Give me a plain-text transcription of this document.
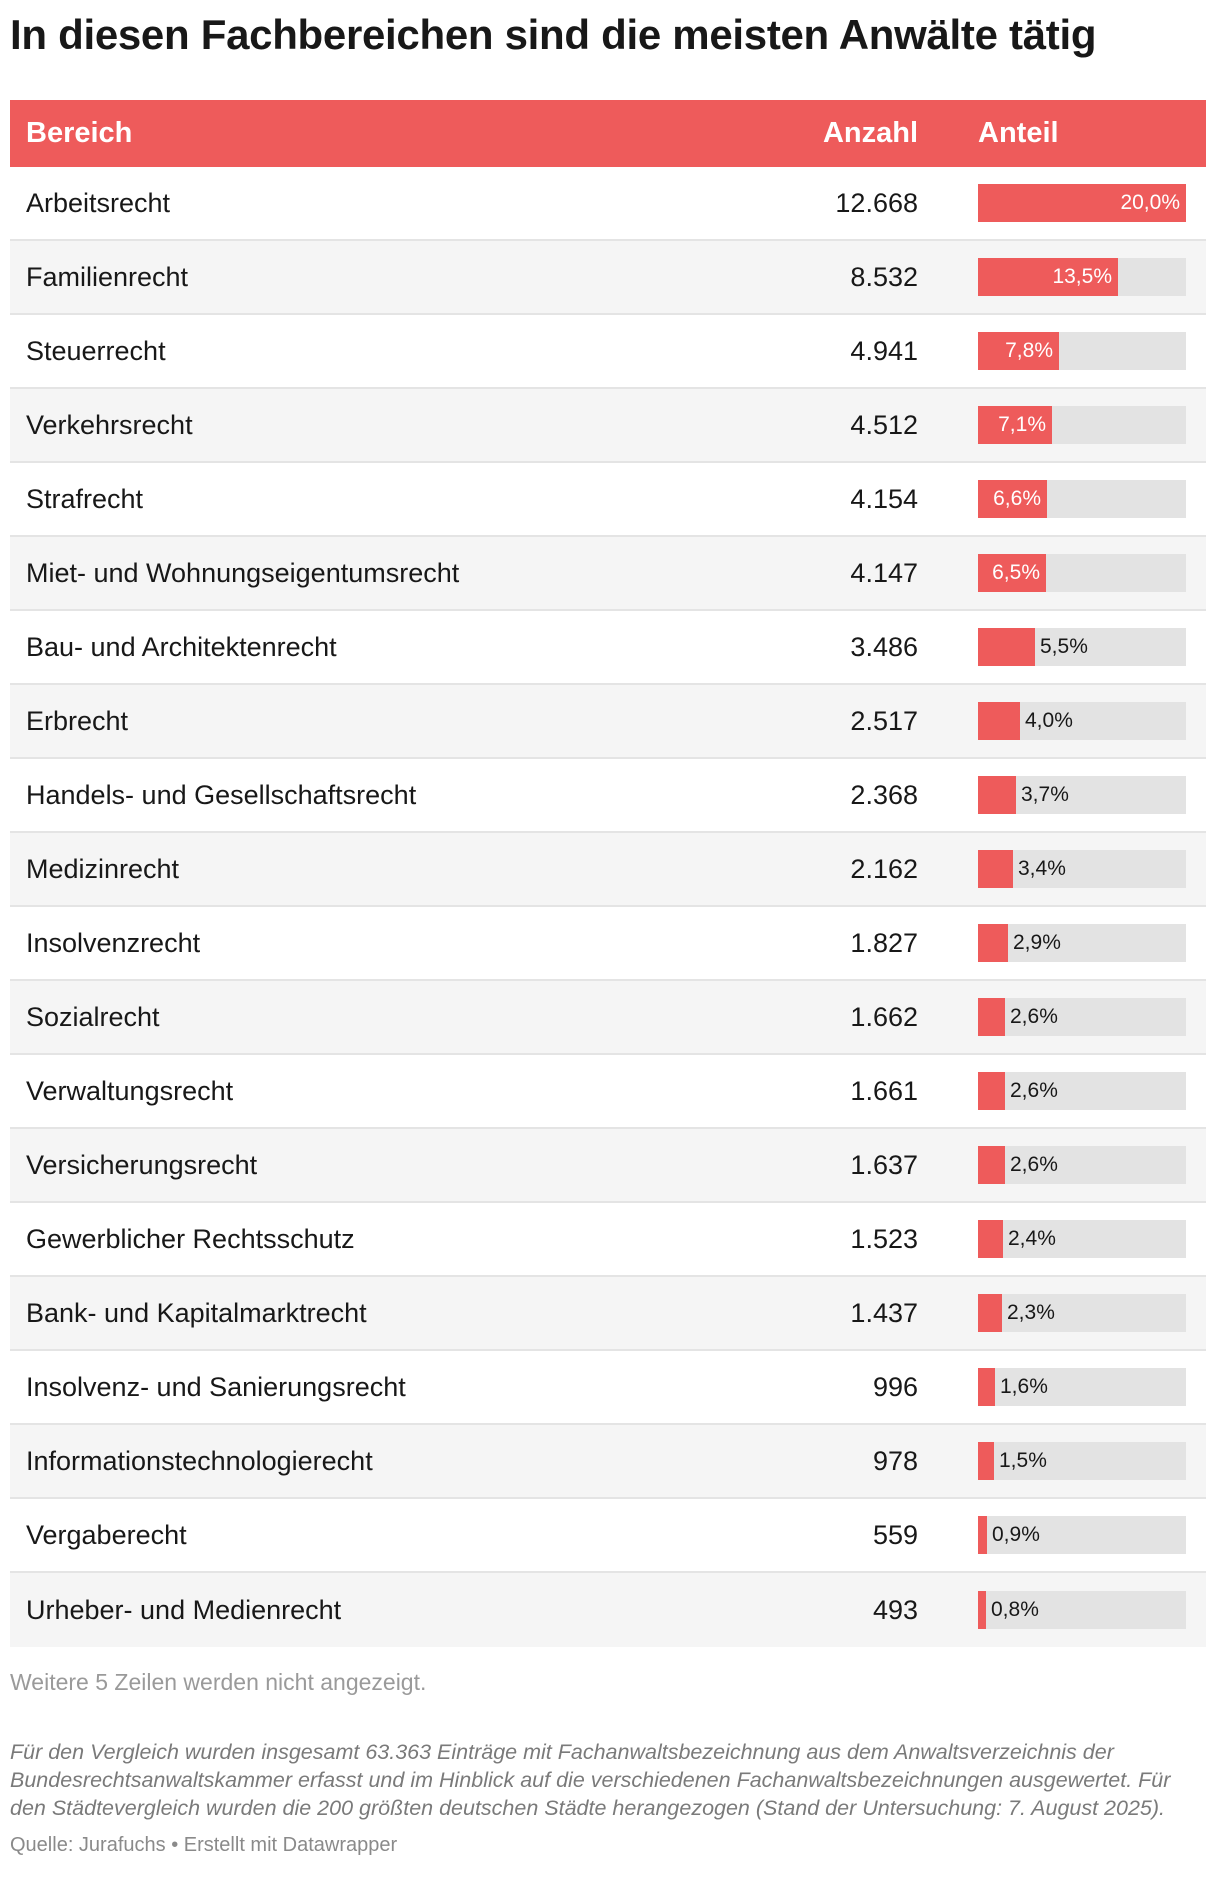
In diesen Fachbereichen sind die meisten Anwälte tätig
Bereich	Anzahl	Anteil
Arbeitsrecht	12.668	20,0%
Familienrecht	8.532	13,5%
Steuerrecht	4.941	7,8%
Verkehrsrecht	4.512	7,1%
Strafrecht	4.154	6,6%
Miet- und Wohnungseigentumsrecht	4.147	6,5%
Bau- und Architektenrecht	3.486	5,5%
Erbrecht	2.517	4,0%
Handels- und Gesellschaftsrecht	2.368	3,7%
Medizinrecht	2.162	3,4%
Insolvenzrecht	1.827	2,9%
Sozialrecht	1.662	2,6%
Verwaltungsrecht	1.661	2,6%
Versicherungsrecht	1.637	2,6%
Gewerblicher Rechtsschutz	1.523	2,4%
Bank- und Kapitalmarktrecht	1.437	2,3%
Insolvenz- und Sanierungsrecht	996	1,6%
Informationstechnologierecht	978	1,5%
Vergaberecht	559	0,9%
Urheber- und Medienrecht	493	0,8%
Weitere 5 Zeilen werden nicht angezeigt.
Für den Vergleich wurden insgesamt 63.363 Einträge mit Fachanwaltsbezeichnung aus dem Anwaltsverzeichnis der Bundesrechtsanwaltskammer erfasst und im Hinblick auf die verschiedenen Fachanwaltsbezeichnungen ausgewertet. Für den Städtevergleich wurden die 200 größten deutschen Städte herangezogen (Stand der Untersuchung: 7. August 2025).
Quelle: Jurafuchs • Erstellt mit Datawrapper
